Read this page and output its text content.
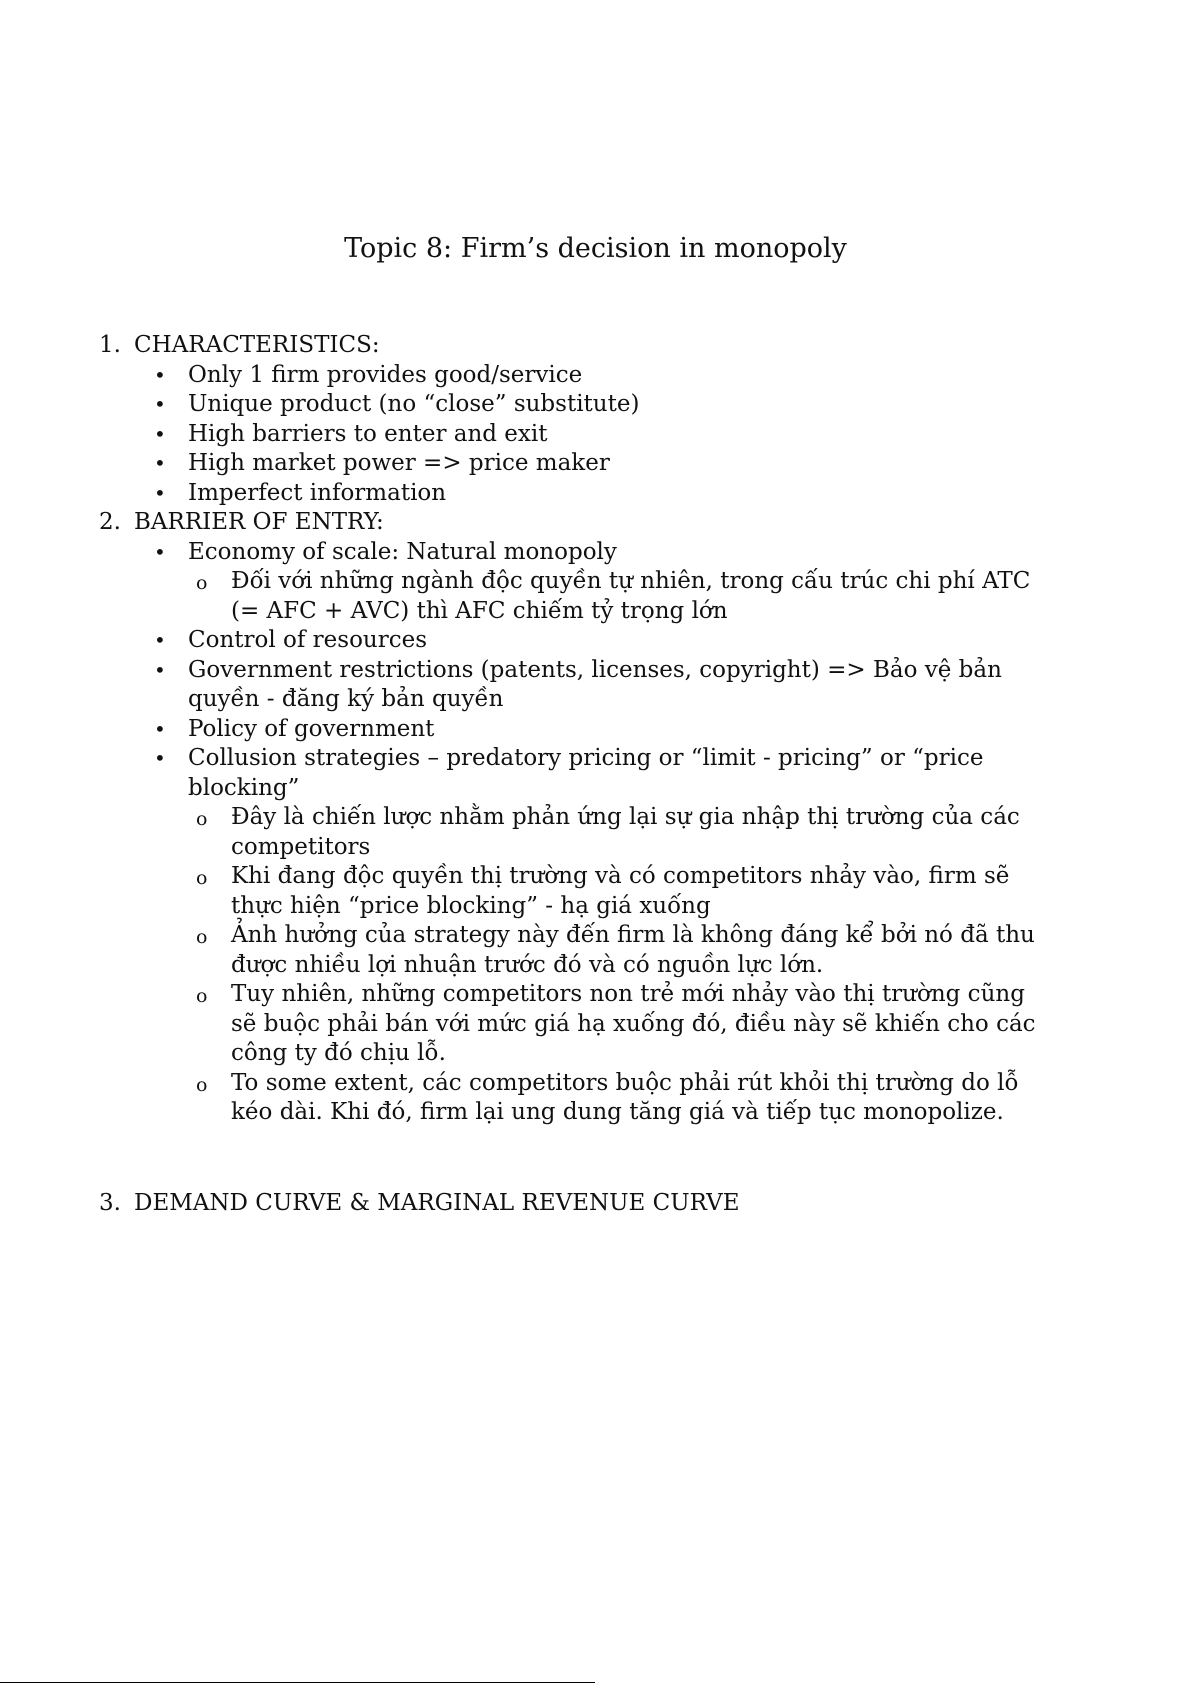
Topic 8: Firm’s decision in monopoly
1. CHARACTERISTICS:
• Only 1 firm provides good/service
• Unique product (no “close” substitute)
• High barriers to enter and exit
• High market power => price maker
• Imperfect information
2. BARRIER OF ENTRY:
• Economy of scale: Natural monopoly
o Đối với những ngành độc quyền tự nhiên, trong cấu trúc chi phí ATC
(= AFC + AVC) thì AFC chiếm tỷ trọng lớn
• Control of resources
• Government restrictions (patents, licenses, copyright) => Bảo vệ bản
quyền - đăng ký bản quyền
• Policy of government
• Collusion strategies – predatory pricing or “limit - pricing” or “price
blocking”
o Đây là chiến lược nhằm phản ứng lại sự gia nhập thị trường của các
competitors
o Khi đang độc quyền thị trường và có competitors nhảy vào, firm sẽ
thực hiện “price blocking” - hạ giá xuống
o Ảnh hưởng của strategy này đến firm là không đáng kể bởi nó đã thu
được nhiều lợi nhuận trước đó và có nguồn lực lớn.
o Tuy nhiên, những competitors non trẻ mới nhảy vào thị trường cũng
sẽ buộc phải bán với mức giá hạ xuống đó, điều này sẽ khiến cho các
công ty đó chịu lỗ.
o To some extent, các competitors buộc phải rút khỏi thị trường do lỗ
kéo dài. Khi đó, firm lại ung dung tăng giá và tiếp tục monopolize.
3. DEMAND CURVE & MARGINAL REVENUE CURVE
